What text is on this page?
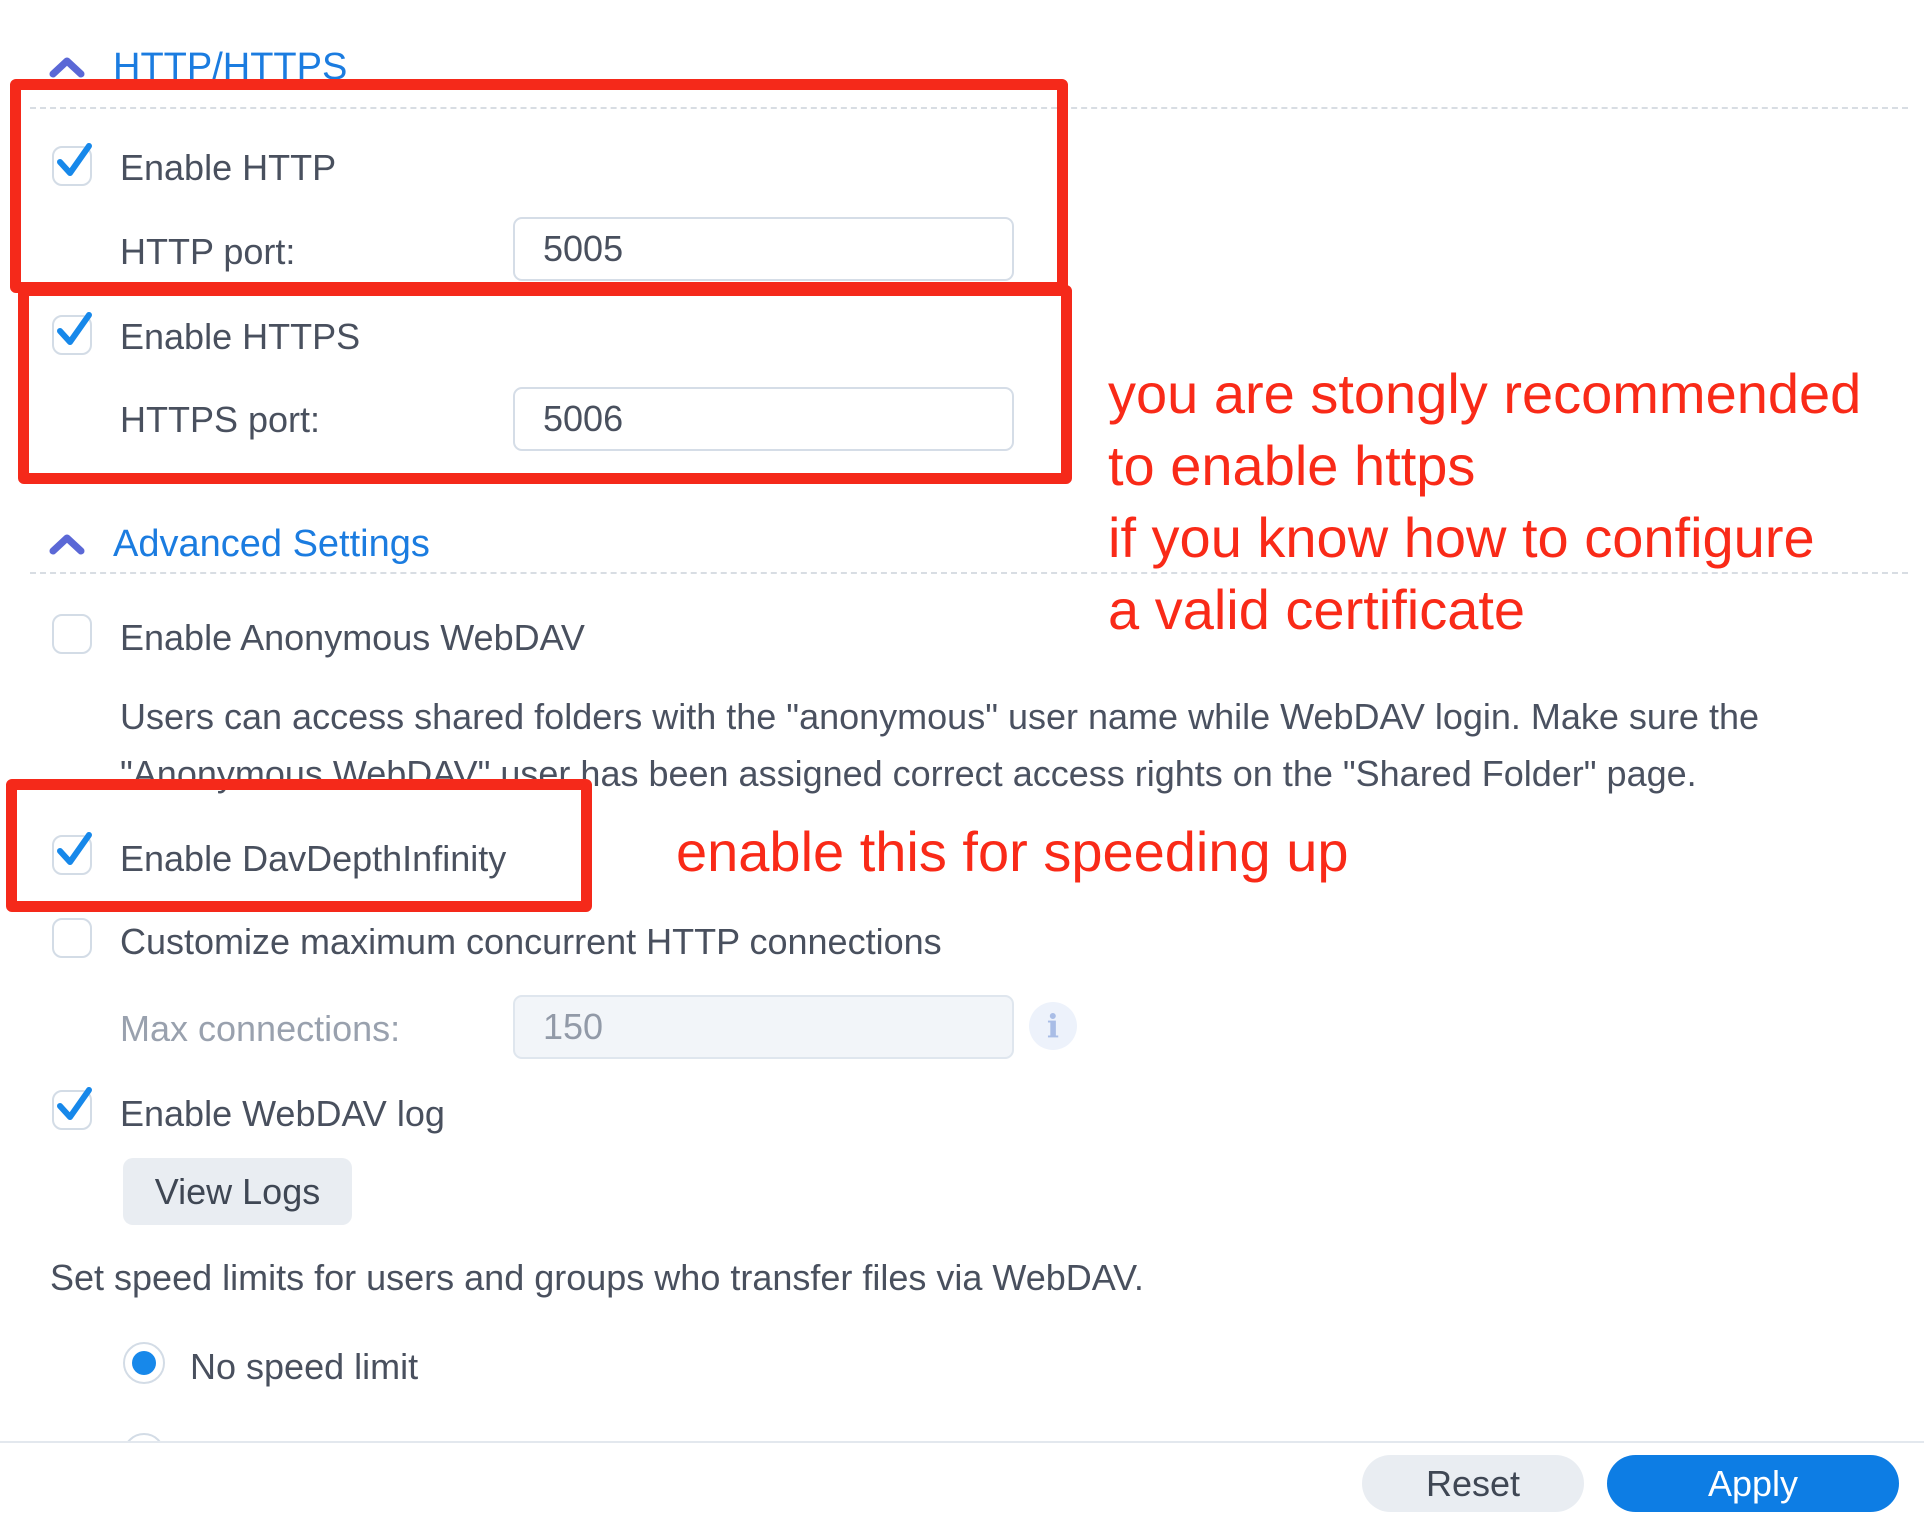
HTTP/HTTPS
Enable HTTP
HTTP port:
5005
Enable HTTPS
HTTPS port:
5006
Advanced Settings
Enable Anonymous WebDAV
Users can access shared folders with the "anonymous" user name while WebDAV login. Make sure the
"Anonymous WebDAV" user has been assigned correct access rights on the "Shared Folder" page.
Enable DavDepthInfinity
Customize maximum concurrent HTTP connections
Max connections:
150	i
Enable WebDAV log
View Logs
Set speed limits for users and groups who transfer files via WebDAV.
No speed limit
Reset	Apply
you are stongly recommended
to enable https
if you know how to configure
a valid certificate
enable this for speeding up
